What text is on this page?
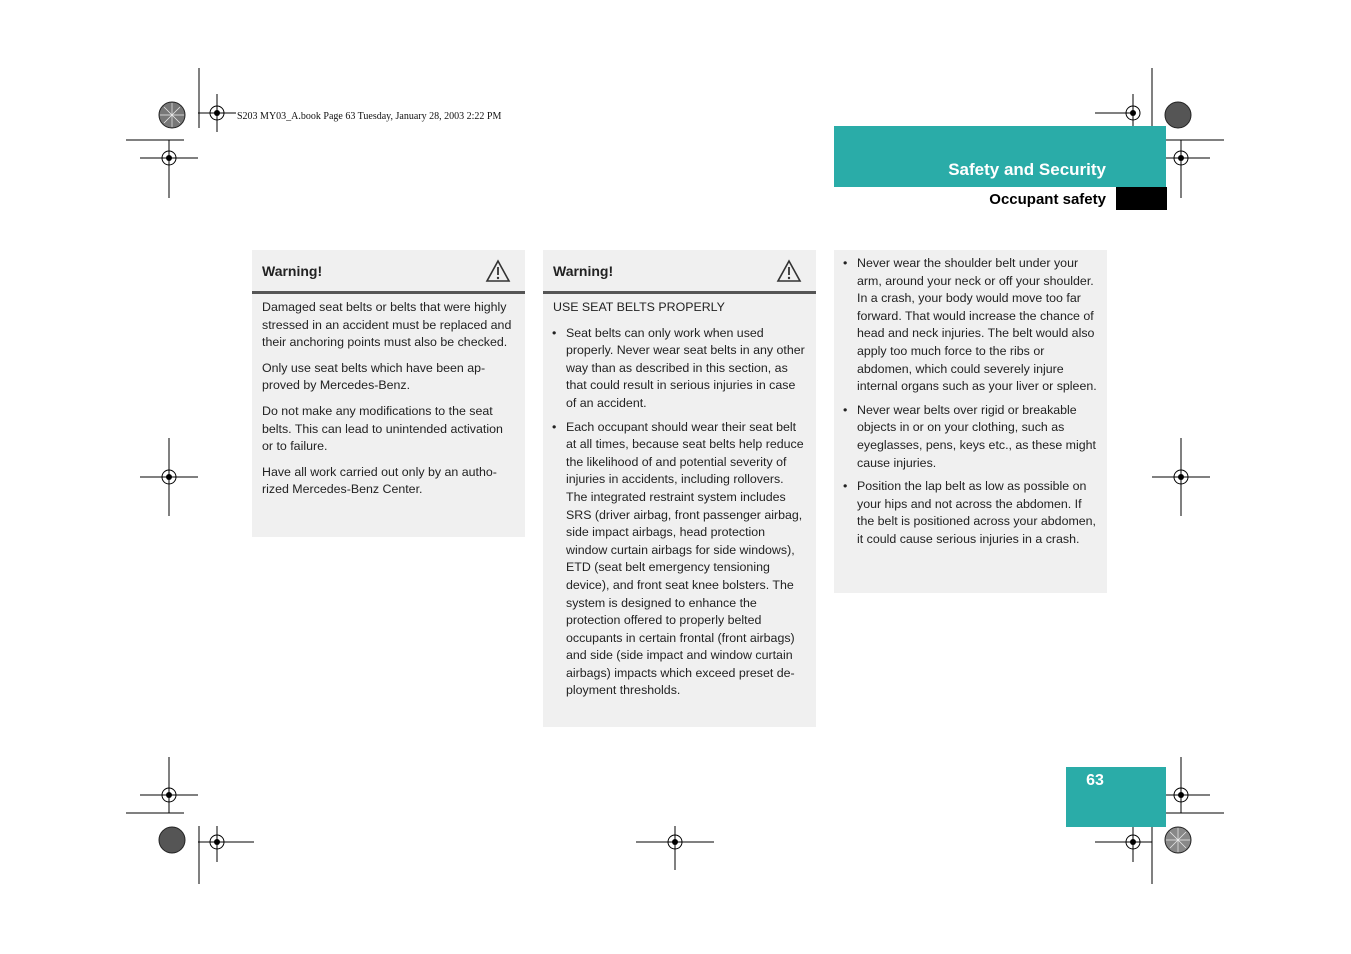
S203 MY03_A.book Page 63 Tuesday, January 28, 2003 2:22 PM
Safety and Security
Occupant safety
Warning!

Damaged seat belts or belts that were highly stressed in an accident must be replaced and their anchoring points must also be checked.

Only use seat belts which have been approved by Mercedes-Benz.

Do not make any modifications to the seat belts. This can lead to unintended activation or to failure.

Have all work carried out only by an authorized Mercedes-Benz Center.

Warning!

USE SEAT BELTS PROPERLY

• Seat belts can only work when used properly. Never wear seat belts in any other way than as described in this section, as that could result in serious injuries in case of an accident.
• Each occupant should wear their seat belt at all times, because seat belts help reduce the likelihood of and potential severity of injuries in accidents, including rollovers. The integrated restraint system includes SRS (driver airbag, front passenger airbag, side impact airbags, head protection window curtain airbags for side windows), ETD (seat belt emergency tensioning device), and front seat knee bolsters. The system is designed to enhance the protection offered to properly belted occupants in certain frontal (front airbags) and side (side impact and window curtain airbags) impacts which exceed preset deployment thresholds.
• Never wear the shoulder belt under your arm, around your neck or off your shoulder. In a crash, your body would move too far forward. That would increase the chance of head and neck injuries. The belt would also apply too much force to the ribs or abdomen, which could severely injure internal organs such as your liver or spleen.
• Never wear belts over rigid or breakable objects in or on your clothing, such as eyeglasses, pens, keys etc., as these might cause injuries.
• Position the lap belt as low as possible on your hips and not across the abdomen. If the belt is positioned across your abdomen, it could cause serious injuries in a crash.
63
